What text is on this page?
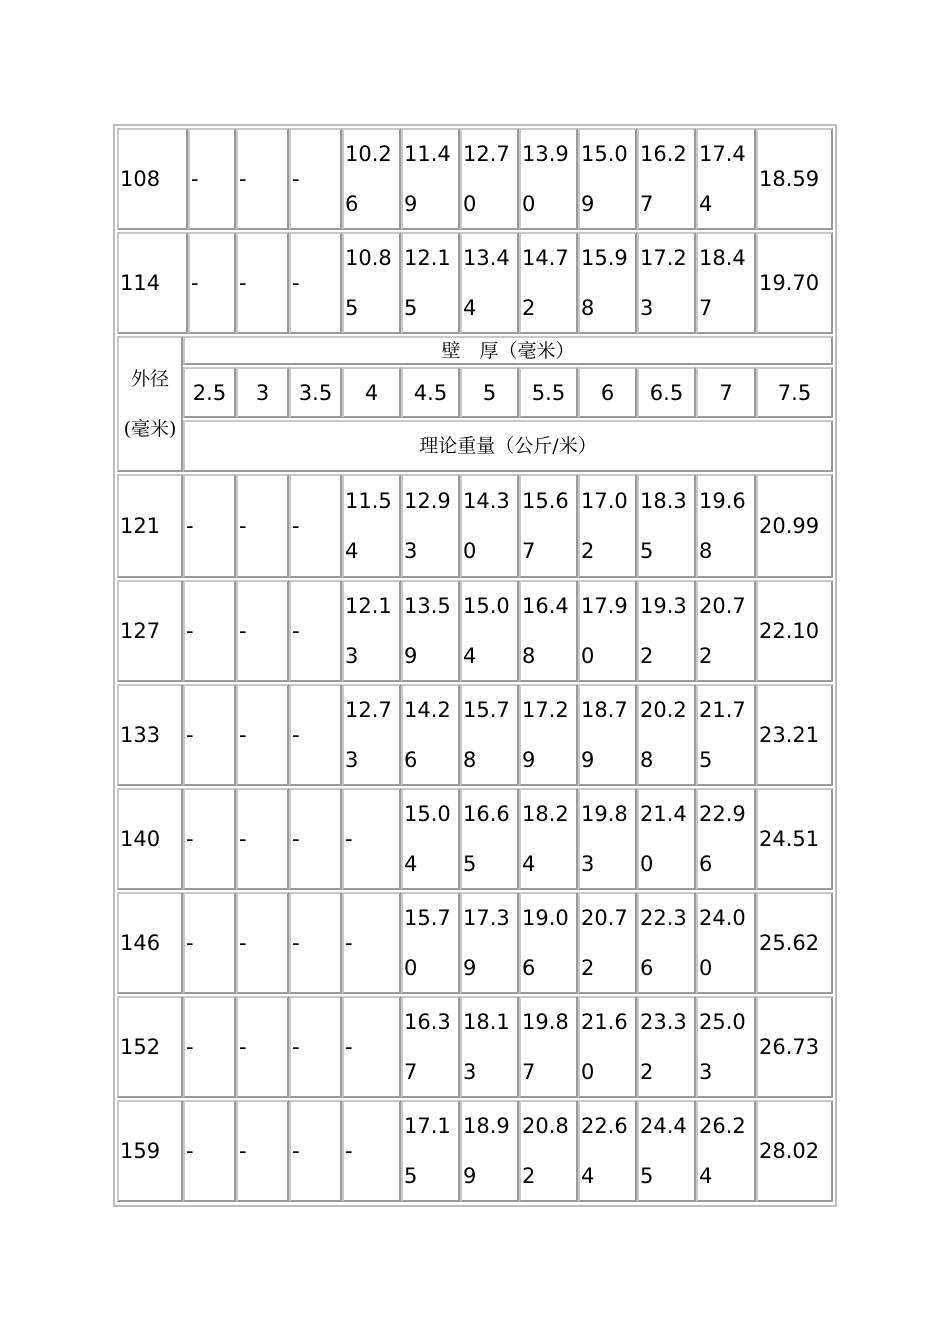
108 - - -
10.26
11.49
12.70
13.90
15.09
16.27
17.44
18.59
114 - - -
10.85
12.15
13.44
14.72
15.98
17.23
18.47
19.70
外径
(毫米)
壁　厚（毫米）
2.5 3 3.5 4 4.5 5 5.5 6 6.5 7 7.5
理论重量（公斤/米）
121 - - -
11.54
12.93
14.30
15.67
17.02
18.35
19.68
20.99
127 - - -
12.13
13.59
15.04
16.48
17.90
19.32
20.72
22.10
133 - - -
12.73
14.26
15.78
17.29
18.79
20.28
21.75
23.21
140 - - - -
15.04
16.65
18.24
19.83
21.40
22.96
24.51
146 - - - -
15.70
17.39
19.06
20.72
22.36
24.00
25.62
152 - - - -
16.37
18.13
19.87
21.60
23.32
25.03
26.73
159 - - - -
17.15
18.99
20.82
22.64
24.45
26.24
28.02
